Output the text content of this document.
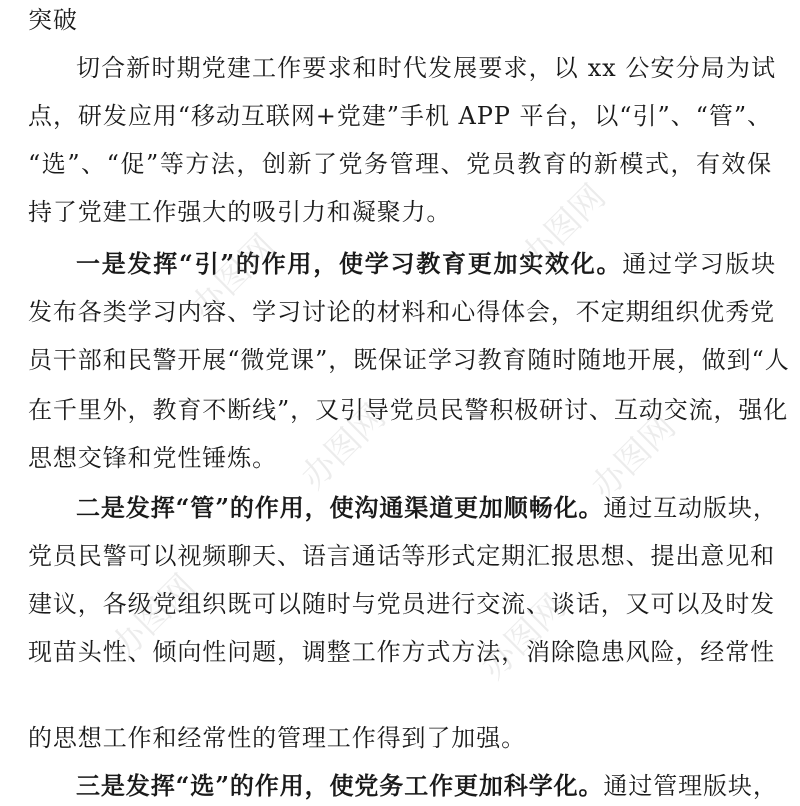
突破
切合新时期党建工作要求和时代发展要求，以 xx 公安分局为试
点，研发应用“移动互联网+党建”手机 APP 平台，以“引”、“管”、
“选”、“促”等方法，创新了党务管理、党员教育的新模式，有效保
持了党建工作强大的吸引力和凝聚力。
一是发挥“引”的作用，使学习教育更加实效化。通过学习版块
发布各类学习内容、学习讨论的材料和心得体会，不定期组织优秀党
员干部和民警开展“微党课”，既保证学习教育随时随地开展，做到“人
在千里外，教育不断线”，又引导党员民警积极研讨、互动交流，强化
思想交锋和党性锤炼。
二是发挥“管”的作用，使沟通渠道更加顺畅化。通过互动版块，
党员民警可以视频聊天、语言通话等形式定期汇报思想、提出意见和
建议，各级党组织既可以随时与党员进行交流、谈话，又可以及时发
现苗头性、倾向性问题，调整工作方式方法，消除隐患风险，经常性
的思想工作和经常性的管理工作得到了加强。
三是发挥“选”的作用，使党务工作更加科学化。通过管理版块，
办图网	办图网
办图网	办图网
办图网	办图网
